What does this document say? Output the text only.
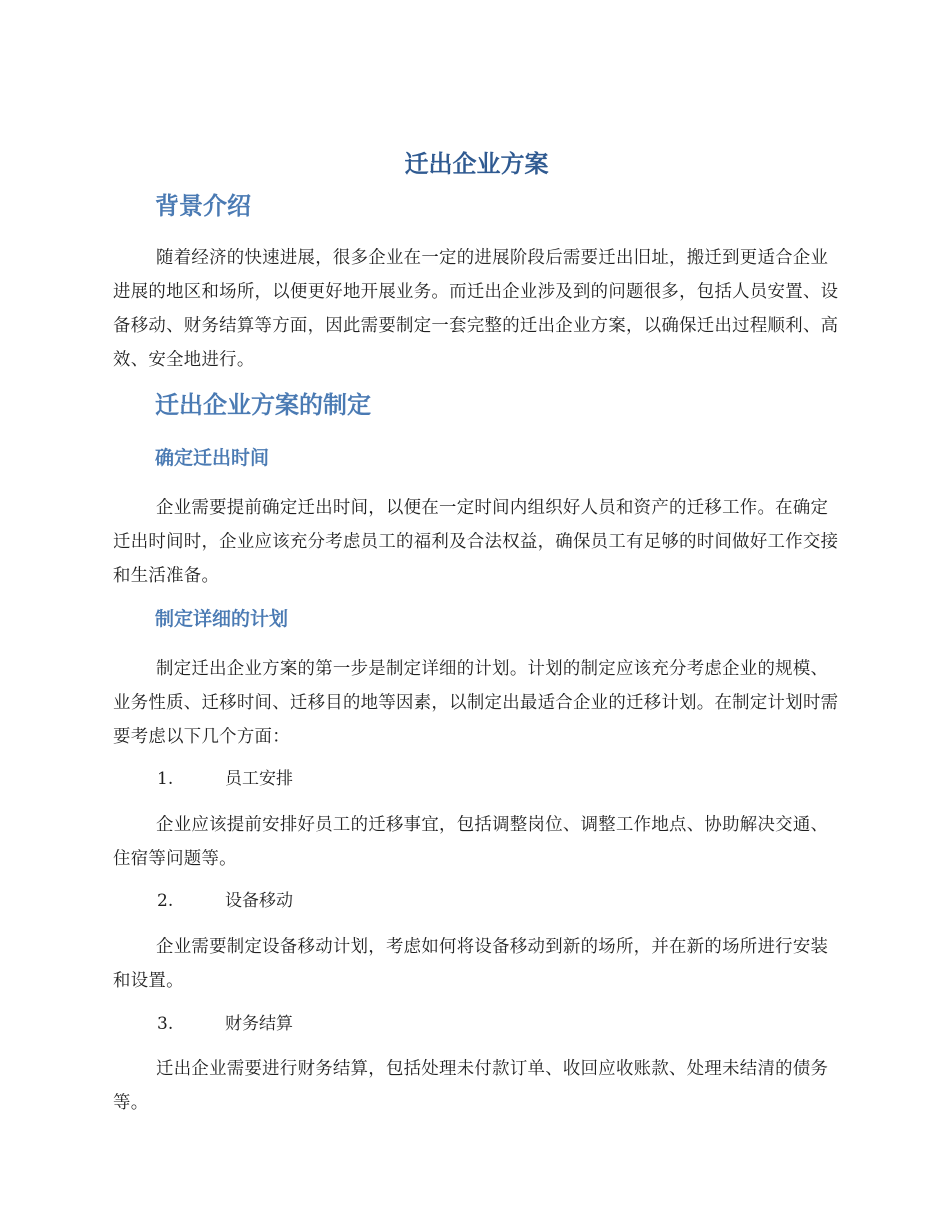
迁出企业方案
背景介绍

随着经济的快速进展，很多企业在一定的进展阶段后需要迁出旧址，搬迁到更适合企业进展的地区和场所，以便更好地开展业务。而迁出企业涉及到的问题很多，包括人员安置、设备移动、财务结算等方面，因此需要制定一套完整的迁出企业方案，以确保迁出过程顺利、高效、安全地进行。

迁出企业方案的制定
确定迁出时间

企业需要提前确定迁出时间，以便在一定时间内组织好人员和资产的迁移工作。在确定迁出时间时，企业应该充分考虑员工的福利及合法权益，确保员工有足够的时间做好工作交接和生活准备。

制定详细的计划

制定迁出企业方案的第一步是制定详细的计划。计划的制定应该充分考虑企业的规模、业务性质、迁移时间、迁移目的地等因素，以制定出最适合企业的迁移计划。在制定计划时需要考虑以下几个方面：

1.	员工安排

企业应该提前安排好员工的迁移事宜，包括调整岗位、调整工作地点、协助解决交通、住宿等问题等。

2.	设备移动

企业需要制定设备移动计划，考虑如何将设备移动到新的场所，并在新的场所进行安装和设置。

3.	财务结算

迁出企业需要进行财务结算，包括处理未付款订单、收回应收账款、处理未结清的债务等。
